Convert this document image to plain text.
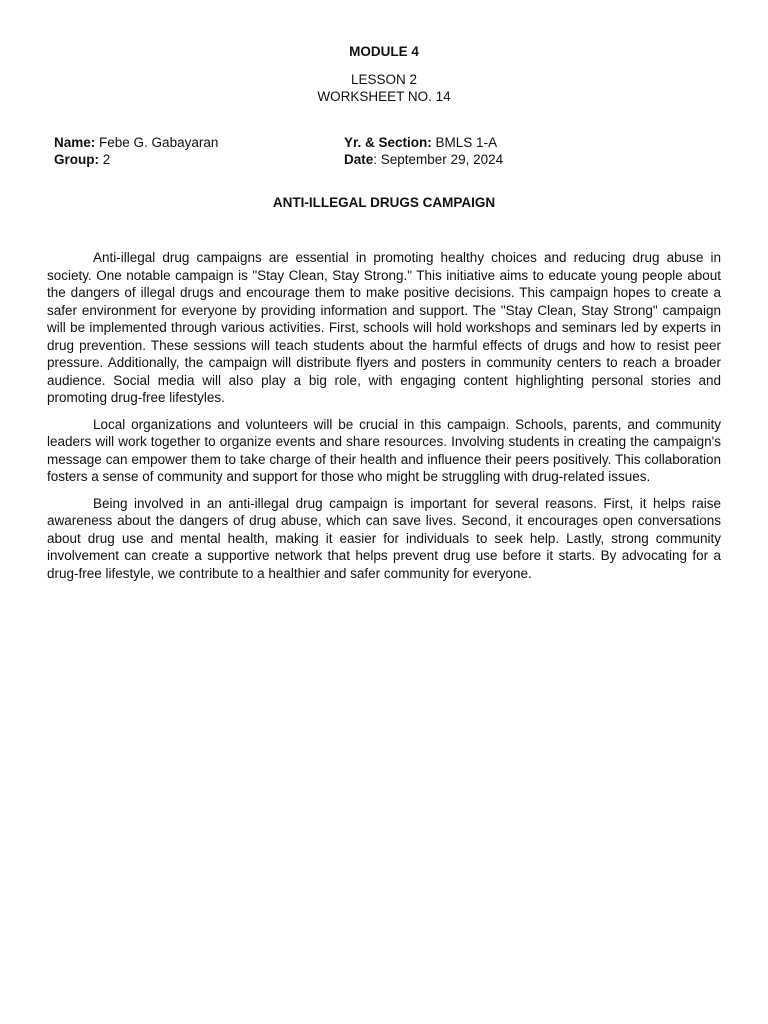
MODULE 4
LESSON 2
WORKSHEET NO. 14
Name: Febe G. Gabayaran
Group: 2
Yr. & Section: BMLS 1-A
Date: September 29, 2024
ANTI-ILLEGAL DRUGS CAMPAIGN

Anti-illegal drug campaigns are essential in promoting healthy choices and reducing drug abuse in society. One notable campaign is "Stay Clean, Stay Strong." This initiative aims to educate young people about the dangers of illegal drugs and encourage them to make positive decisions. This campaign hopes to create a safer environment for everyone by providing information and support. The "Stay Clean, Stay Strong" campaign will be implemented through various activities. First, schools will hold workshops and seminars led by experts in drug prevention. These sessions will teach students about the harmful effects of drugs and how to resist peer pressure. Additionally, the campaign will distribute flyers and posters in community centers to reach a broader audience. Social media will also play a big role, with engaging content highlighting personal stories and promoting drug-free lifestyles.

Local organizations and volunteers will be crucial in this campaign. Schools, parents, and community leaders will work together to organize events and share resources. Involving students in creating the campaign's message can empower them to take charge of their health and influence their peers positively. This collaboration fosters a sense of community and support for those who might be struggling with drug-related issues.

Being involved in an anti-illegal drug campaign is important for several reasons. First, it helps raise awareness about the dangers of drug abuse, which can save lives. Second, it encourages open conversations about drug use and mental health, making it easier for individuals to seek help. Lastly, strong community involvement can create a supportive network that helps prevent drug use before it starts. By advocating for a drug-free lifestyle, we contribute to a healthier and safer community for everyone.
